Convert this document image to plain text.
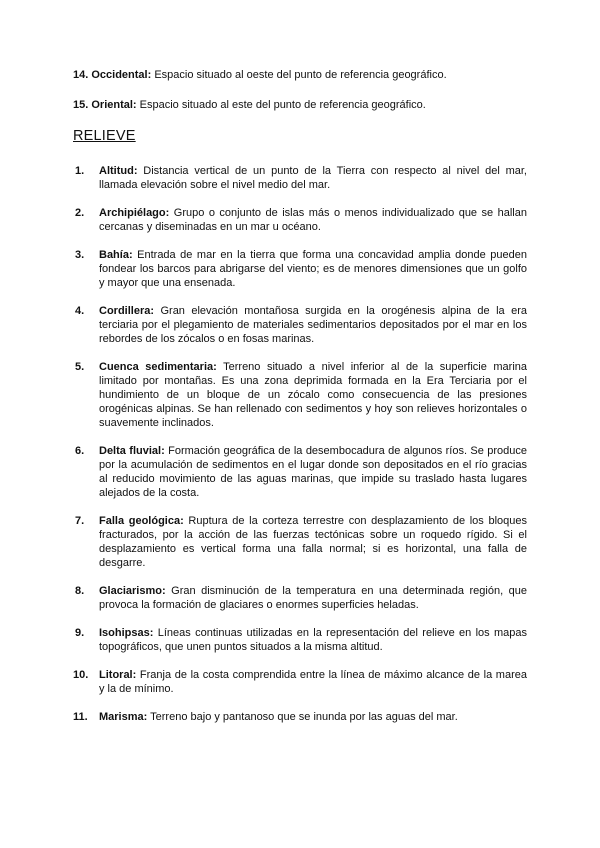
14. Occidental: Espacio situado al oeste del punto de referencia geográfico.

15. Oriental: Espacio situado al este del punto de referencia geográfico.

RELIEVE
1.	Altitud: Distancia vertical de un punto de la Tierra con respecto al nivel del mar, llamada elevación sobre el nivel medio del mar.
2.	Archipiélago: Grupo o conjunto de islas más o menos individualizado que se hallan cercanas y diseminadas en un mar u océano.
3.	Bahía: Entrada de mar en la tierra que forma una concavidad amplia donde pueden fondear los barcos para abrigarse del viento; es de menores dimensiones que un golfo y mayor que una ensenada.
4.	Cordillera: Gran elevación montañosa surgida en la orogénesis alpina de la era terciaria por el plegamiento de materiales sedimentarios depositados por el mar en los rebordes de los zócalos o en fosas marinas.
5.	Cuenca sedimentaria: Terreno situado a nivel inferior al de la superficie marina limitado por montañas. Es una zona deprimida formada en la Era Terciaria por el hundimiento de un bloque de un zócalo como consecuencia de las presiones orogénicas alpinas. Se han rellenado con sedimentos y hoy son relieves horizontales o suavemente inclinados.
6.	Delta fluvial: Formación geográfica de la desembocadura de algunos ríos. Se produce por la acumulación de sedimentos en el lugar donde son depositados en el río gracias al reducido movimiento de las aguas marinas, que impide su traslado hasta lugares alejados de la costa.
7.	Falla geológica: Ruptura de la corteza terrestre con desplazamiento de los bloques fracturados, por la acción de las fuerzas tectónicas sobre un roquedo rígido. Si el desplazamiento es vertical forma una falla normal; si es horizontal, una falla de desgarre.
8.	Glaciarismo: Gran disminución de la temperatura en una determinada región, que provoca la formación de glaciares o enormes superficies heladas.
9.	Isohipsas: Líneas continuas utilizadas en la representación del relieve en los mapas topográficos, que unen puntos situados a la misma altitud.
10. Litoral: Franja de la costa comprendida entre la línea de máximo alcance de la marea y la de mínimo.
11.	Marisma: Terreno bajo y pantanoso que se inunda por las aguas del mar.
